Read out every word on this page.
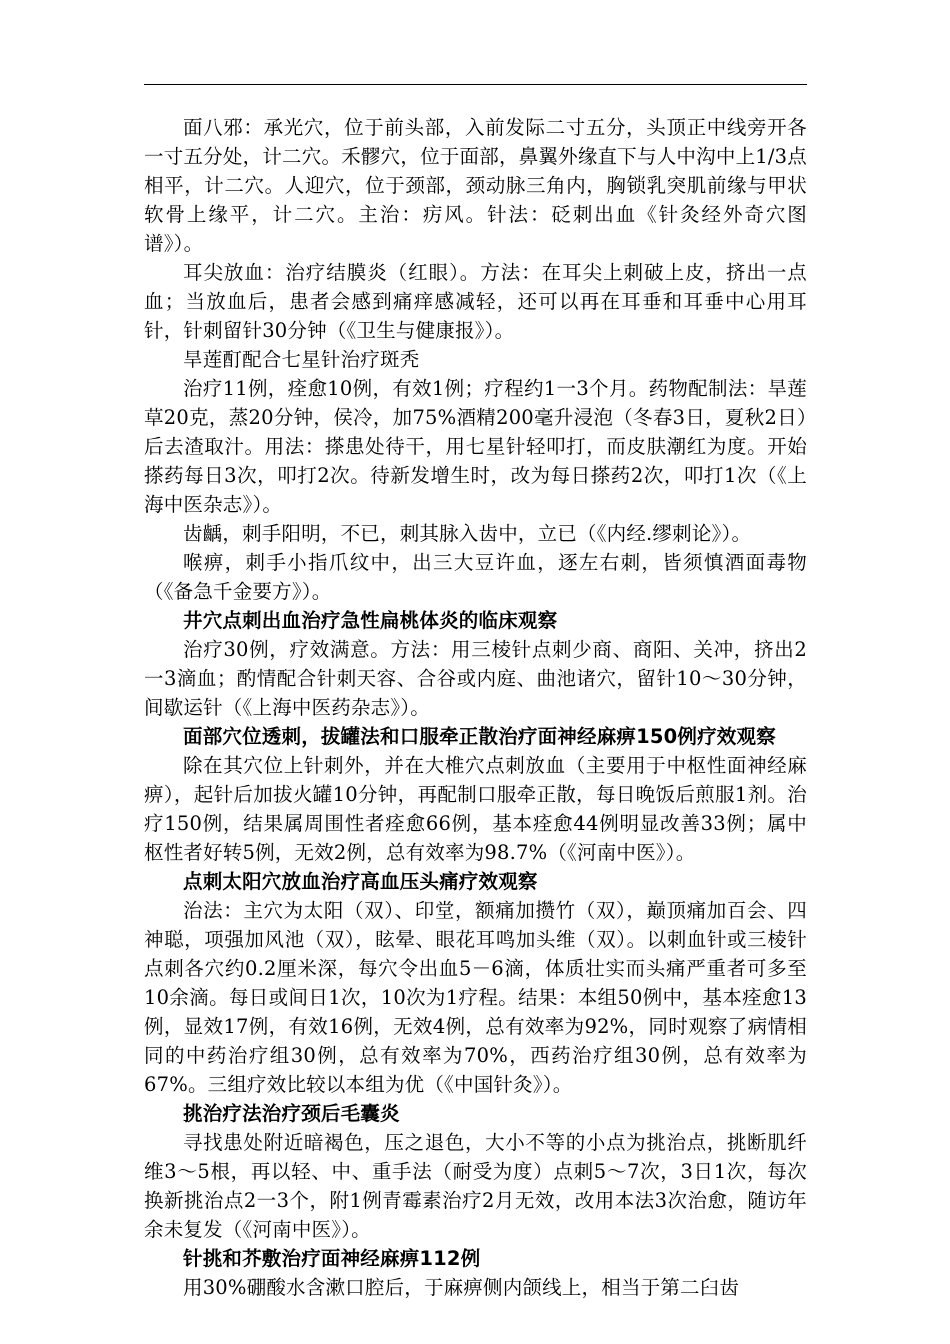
面八邪：承光穴，位于前头部，入前发际二寸五分，头顶正中线旁开各一寸五分处，计二穴。禾髎穴，位于面部，鼻翼外缘直下与人中沟中上1/3点相平，计二穴。人迎穴，位于颈部，颈动脉三角内，胸锁乳突肌前缘与甲状软骨上缘平，计二穴。主治：疠风。针法：砭刺出血《针灸经外奇穴图谱》）。

耳尖放血：治疗结膜炎（红眼）。方法：在耳尖上刺破上皮，挤出一点血；当放血后，患者会感到痛痒感减轻，还可以再在耳垂和耳垂中心用耳针，针刺留针30分钟（《卫生与健康报》）。

旱莲酊配合七星针治疗斑秃

治疗11例，痊愈10例，有效1例；疗程约1一3个月。药物配制法：旱莲草20克，蒸20分钟，侯冷，加75%酒精200毫升浸泡（冬春3日，夏秋2日）后去渣取汁。用法：搽患处待干，用七星针轻叩打，而皮肤潮红为度。开始搽药每日3次，叩打2次。待新发增生时，改为每日搽药2次，叩打1次（《上海中医杂志》）。

齿齲，刺手阳明，不已，刺其脉入齿中，立已（《内经.缪刺论》）。

喉痹，刺手小指爪纹中，出三大豆许血，逐左右刺，皆须慎酒面毒物（《备急千金要方》）。

井穴点刺出血治疗急性扁桃体炎的临床观察

治疗30例，疗效满意。方法：用三棱针点刺少商、商阳、关冲，挤出2一3滴血；酌情配合针刺天容、合谷或内庭、曲池诸穴，留针10～30分钟，间歇运针（《上海中医药杂志》）。

面部穴位透刺，拔罐法和口服牵正散治疗面神经麻痹150例疗效观察

除在其穴位上针刺外，并在大椎穴点刺放血（主要用于中枢性面神经麻痹），起针后加拔火罐10分钟，再配制口服牵正散，每日晚饭后煎服1剂。治疗150例，结果属周围性者痊愈66例，基本痊愈44例明显改善33例；属中枢性者好转5例，无效2例，总有效率为98.7%（《河南中医》）。

点刺太阳穴放血治疗高血压头痛疗效观察

治法：主穴为太阳（双）、印堂，额痛加攒竹（双），巅顶痛加百会、四神聪，项强加风池（双），眩晕、眼花耳鸣加头维（双）。以刺血针或三棱针点刺各穴约0.2厘米深，每穴令出血5－6滴，体质壮实而头痛严重者可多至10余滴。每日或间日1次，10次为1疗程。结果：本组50例中，基本痊愈13例，显效17例，有效16例，无效4例，总有效率为92%，同时观察了病情相同的中药治疗组30例，总有效率为70%，西药治疗组30例，总有效率为67%。三组疗效比较以本组为优（《中国针灸》）。

挑治疗法治疗颈后毛囊炎

寻找患处附近暗褐色，压之退色，大小不等的小点为挑治点，挑断肌纤维3～5根，再以轻、中、重手法（耐受为度）点刺5～7次，3日1次，每次换新挑治点2一3个，附1例青霉素治疗2月无效，改用本法3次治愈，随访年余未复发（《河南中医》）。

针挑和芥敷治疗面神经麻痹112例

用30%硼酸水含漱口腔后，于麻痹侧内颌线上，相当于第二臼齿
